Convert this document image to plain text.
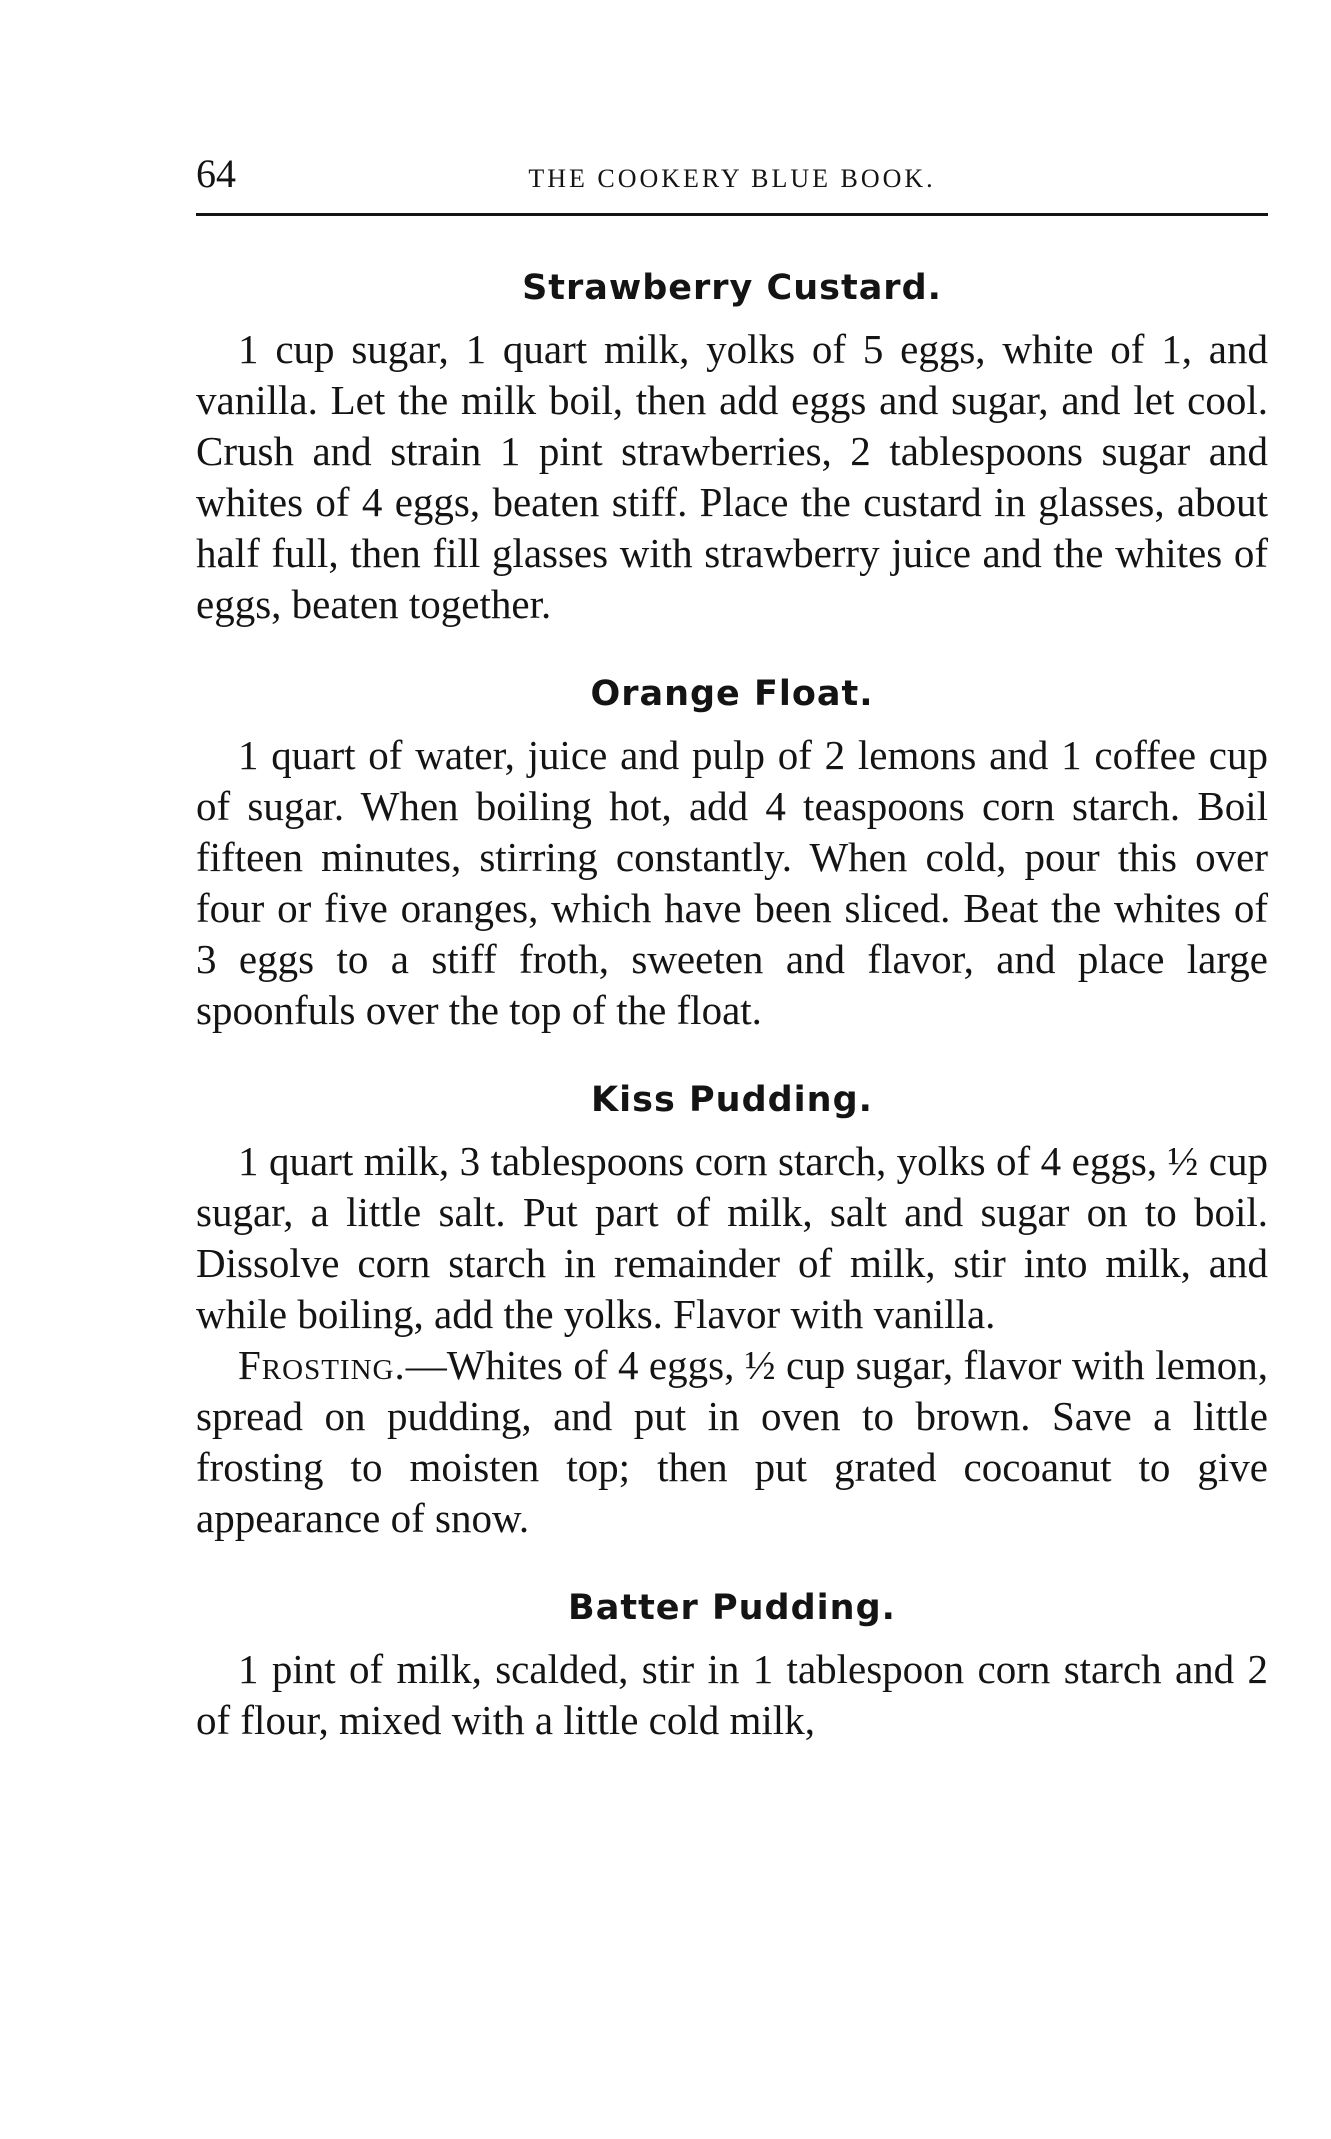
64	THE COOKERY BLUE BOOK.
Strawberry Custard.

1 cup sugar, 1 quart milk, yolks of 5 eggs, white of 1, and vanilla. Let the milk boil, then add eggs and sugar, and let cool. Crush and strain 1 pint strawberries, 2 tablespoons sugar and whites of 4 eggs, beaten stiff. Place the custard in glasses, about half full, then fill glasses with strawberry juice and the whites of eggs, beaten together.

Orange Float.

1 quart of water, juice and pulp of 2 lemons and 1 coffee cup of sugar. When boiling hot, add 4 teaspoons corn starch. Boil fifteen minutes, stirring constantly. When cold, pour this over four or five oranges, which have been sliced. Beat the whites of 3 eggs to a stiff froth, sweeten and flavor, and place large spoonfuls over the top of the float.

Kiss Pudding.

1 quart milk, 3 tablespoons corn starch, yolks of 4 eggs, ½ cup sugar, a little salt. Put part of milk, salt and sugar on to boil. Dissolve corn starch in remainder of milk, stir into milk, and while boiling, add the yolks. Flavor with vanilla.

Frosting.—Whites of 4 eggs, ½ cup sugar, flavor with lemon, spread on pudding, and put in oven to brown. Save a little frosting to moisten top; then put grated cocoanut to give appearance of snow.

Batter Pudding.

1 pint of milk, scalded, stir in 1 tablespoon corn starch and 2 of flour, mixed with a little cold milk,
